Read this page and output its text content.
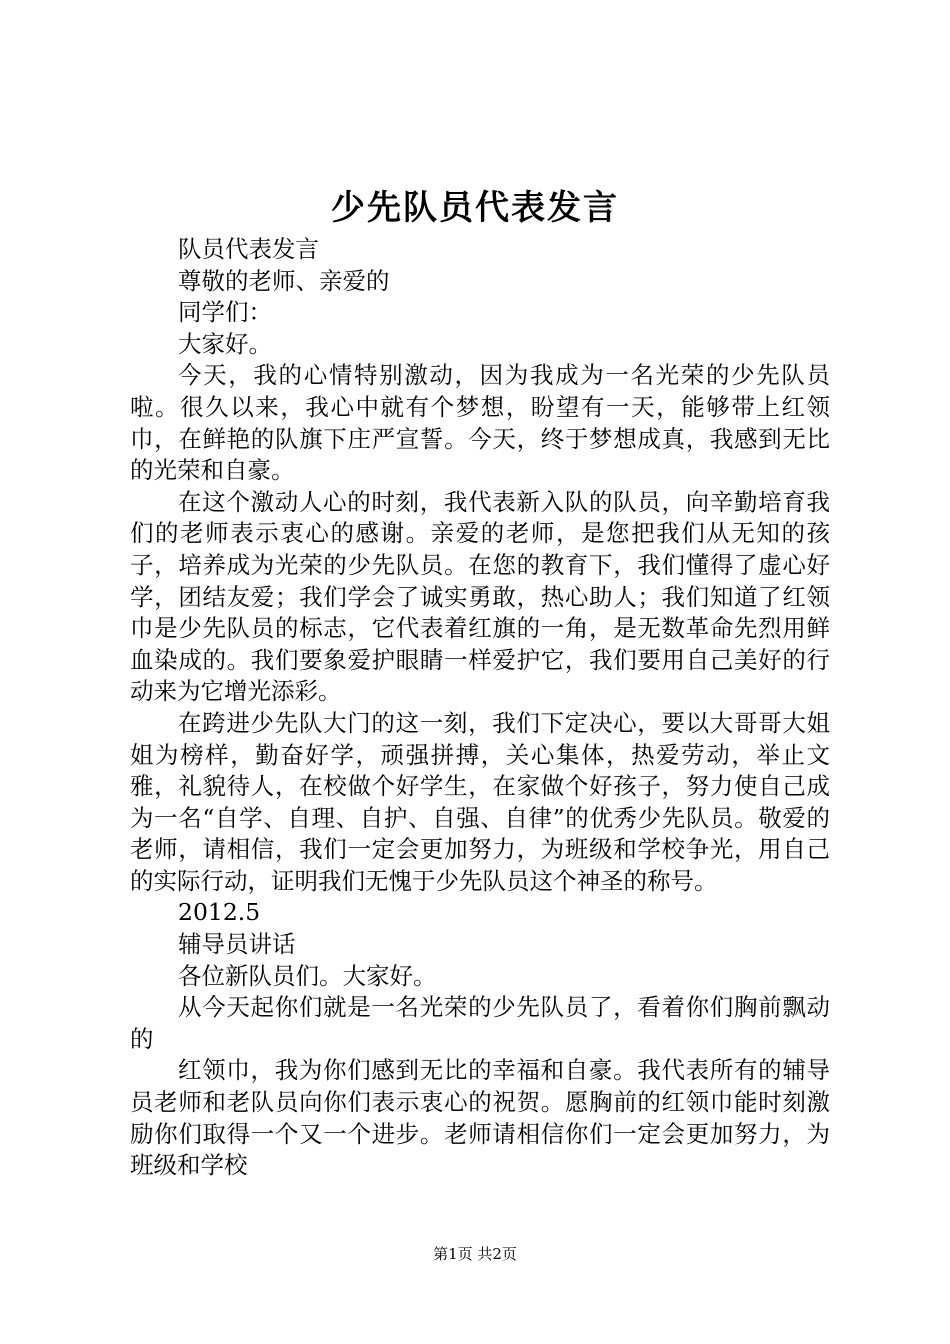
少先队员代表发言

队员代表发言

尊敬的老师、亲爱的

同学们：

大家好。

今天，我的心情特别激动，因为我成为一名光荣的少先队员啦。很久以来，我心中就有个梦想，盼望有一天，能够带上红领巾，在鲜艳的队旗下庄严宣誓。今天，终于梦想成真，我感到无比的光荣和自豪。

在这个激动人心的时刻，我代表新入队的队员，向辛勤培育我们的老师表示衷心的感谢。亲爱的老师，是您把我们从无知的孩子，培养成为光荣的少先队员。在您的教育下，我们懂得了虚心好学，团结友爱；我们学会了诚实勇敢，热心助人；我们知道了红领巾是少先队员的标志，它代表着红旗的一角，是无数革命先烈用鲜血染成的。我们要象爱护眼睛一样爱护它，我们要用自己美好的行动来为它增光添彩。

在跨进少先队大门的这一刻，我们下定决心，要以大哥哥大姐姐为榜样，勤奋好学，顽强拼搏，关心集体，热爱劳动，举止文雅，礼貌待人，在校做个好学生，在家做个好孩子，努力使自己成为一名“自学、自理、自护、自强、自律”的优秀少先队员。敬爱的老师，请相信，我们一定会更加努力，为班级和学校争光，用自己的实际行动，证明我们无愧于少先队员这个神圣的称号。

2012.5

辅导员讲话

各位新队员们。大家好。

从今天起你们就是一名光荣的少先队员了，看着你们胸前飘动的

红领巾，我为你们感到无比的幸福和自豪。我代表所有的辅导员老师和老队员向你们表示衷心的祝贺。愿胸前的红领巾能时刻激励你们取得一个又一个进步。老师请相信你们一定会更加努力，为班级和学校

第1页 共2页
